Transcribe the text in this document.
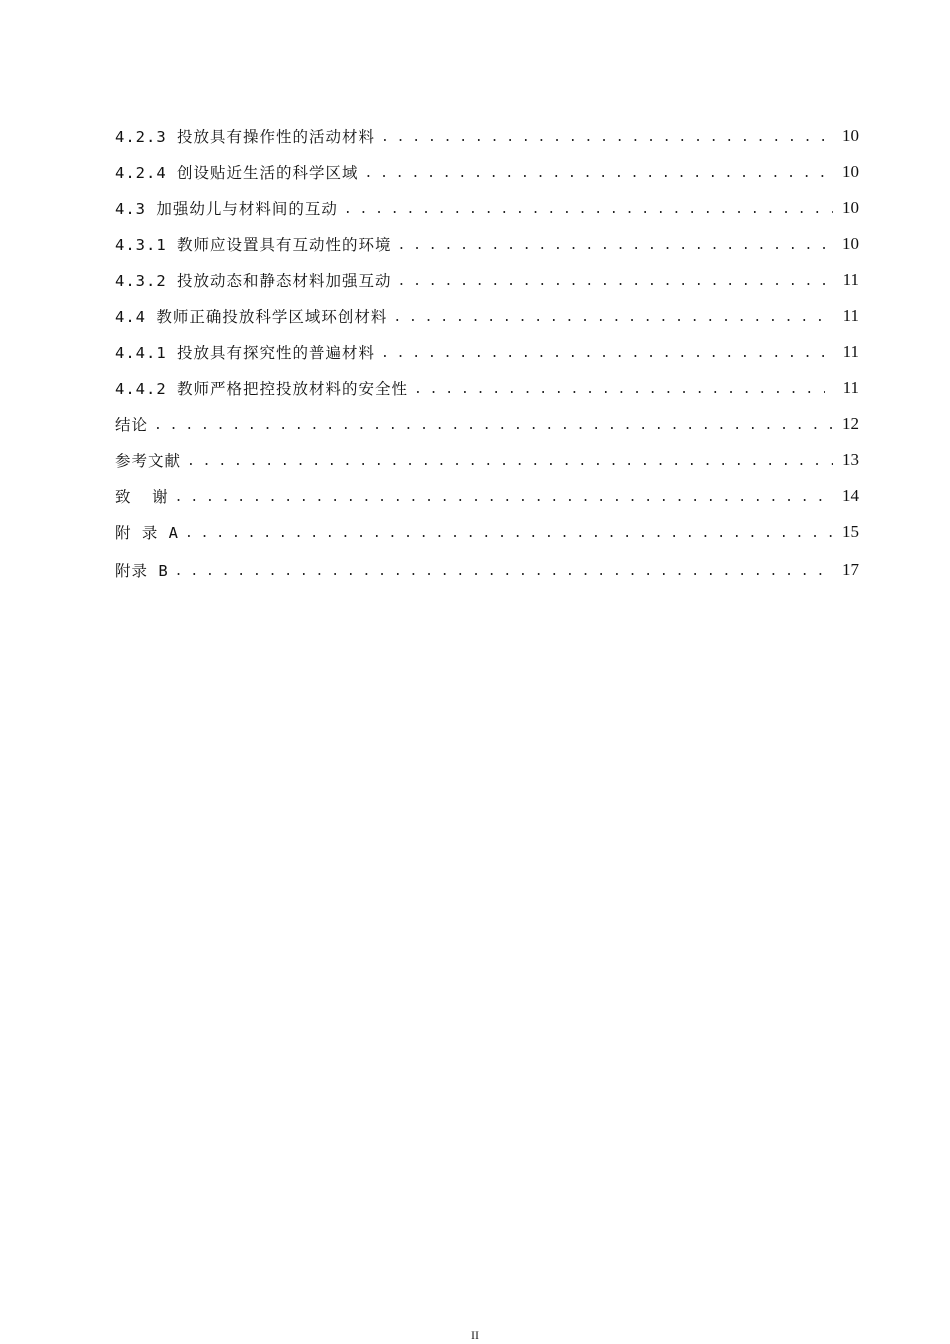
4.2.3 投放具有操作性的活动材料 . . .	10
4.2.4 创设贴近生活的科学区域 . . .	10
4.3 加强幼儿与材料间的互动 . . .	10
4.3.1 教师应设置具有互动性的环境 . . .	10
4.3.2 投放动态和静态材料加强互动 . . .	11
4.4 教师正确投放科学区域环创材料 . . .	11
4.4.1 投放具有探究性的普遍材料 . . .	11
4.4.2 教师严格把控投放材料的安全性 . . .	11
结论 . . .	12
参考文献 . . .	13
致  谢 . . .	14
附 录 A . . .	15
附录 B . . .	17
II
